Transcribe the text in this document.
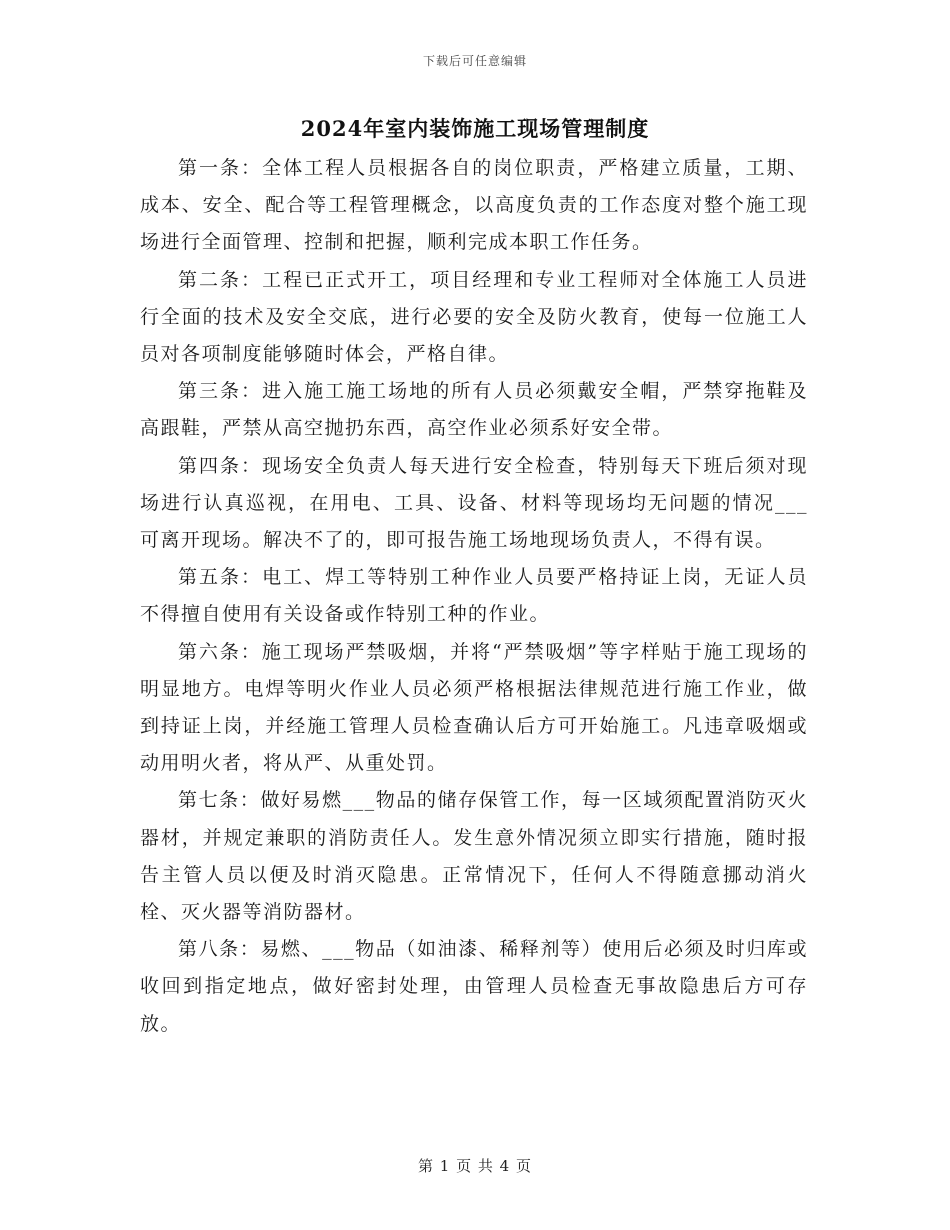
下载后可任意编辑
2024年室内装饰施工现场管理制度

第一条：全体工程人员根据各自的岗位职责，严格建立质量，工期、成本、安全、配合等工程管理概念，以高度负责的工作态度对整个施工现场进行全面管理、控制和把握，顺利完成本职工作任务。

第二条：工程已正式开工，项目经理和专业工程师对全体施工人员进行全面的技术及安全交底，进行必要的安全及防火教育，使每一位施工人员对各项制度能够随时体会，严格自律。

第三条：进入施工施工场地的所有人员必须戴安全帽，严禁穿拖鞋及高跟鞋，严禁从高空抛扔东西，高空作业必须系好安全带。

第四条：现场安全负责人每天进行安全检查，特别每天下班后须对现场进行认真巡视，在用电、工具、设备、材料等现场均无问题的情况___可离开现场。解决不了的，即可报告施工场地现场负责人，不得有误。

第五条：电工、焊工等特别工种作业人员要严格持证上岗，无证人员不得擅自使用有关设备或作特别工种的作业。

第六条：施工现场严禁吸烟，并将“严禁吸烟”等字样贴于施工现场的明显地方。电焊等明火作业人员必须严格根据法律规范进行施工作业，做到持证上岗，并经施工管理人员检查确认后方可开始施工。凡违章吸烟或动用明火者，将从严、从重处罚。

第七条：做好易燃___物品的储存保管工作，每一区域须配置消防灭火器材，并规定兼职的消防责任人。发生意外情况须立即实行措施，随时报告主管人员以便及时消灭隐患。正常情况下，任何人不得随意挪动消火栓、灭火器等消防器材。

第八条：易燃、___物品（如油漆、稀释剂等）使用后必须及时归库或收回到指定地点，做好密封处理，由管理人员检查无事故隐患后方可存放。

第 1 页 共 4 页
